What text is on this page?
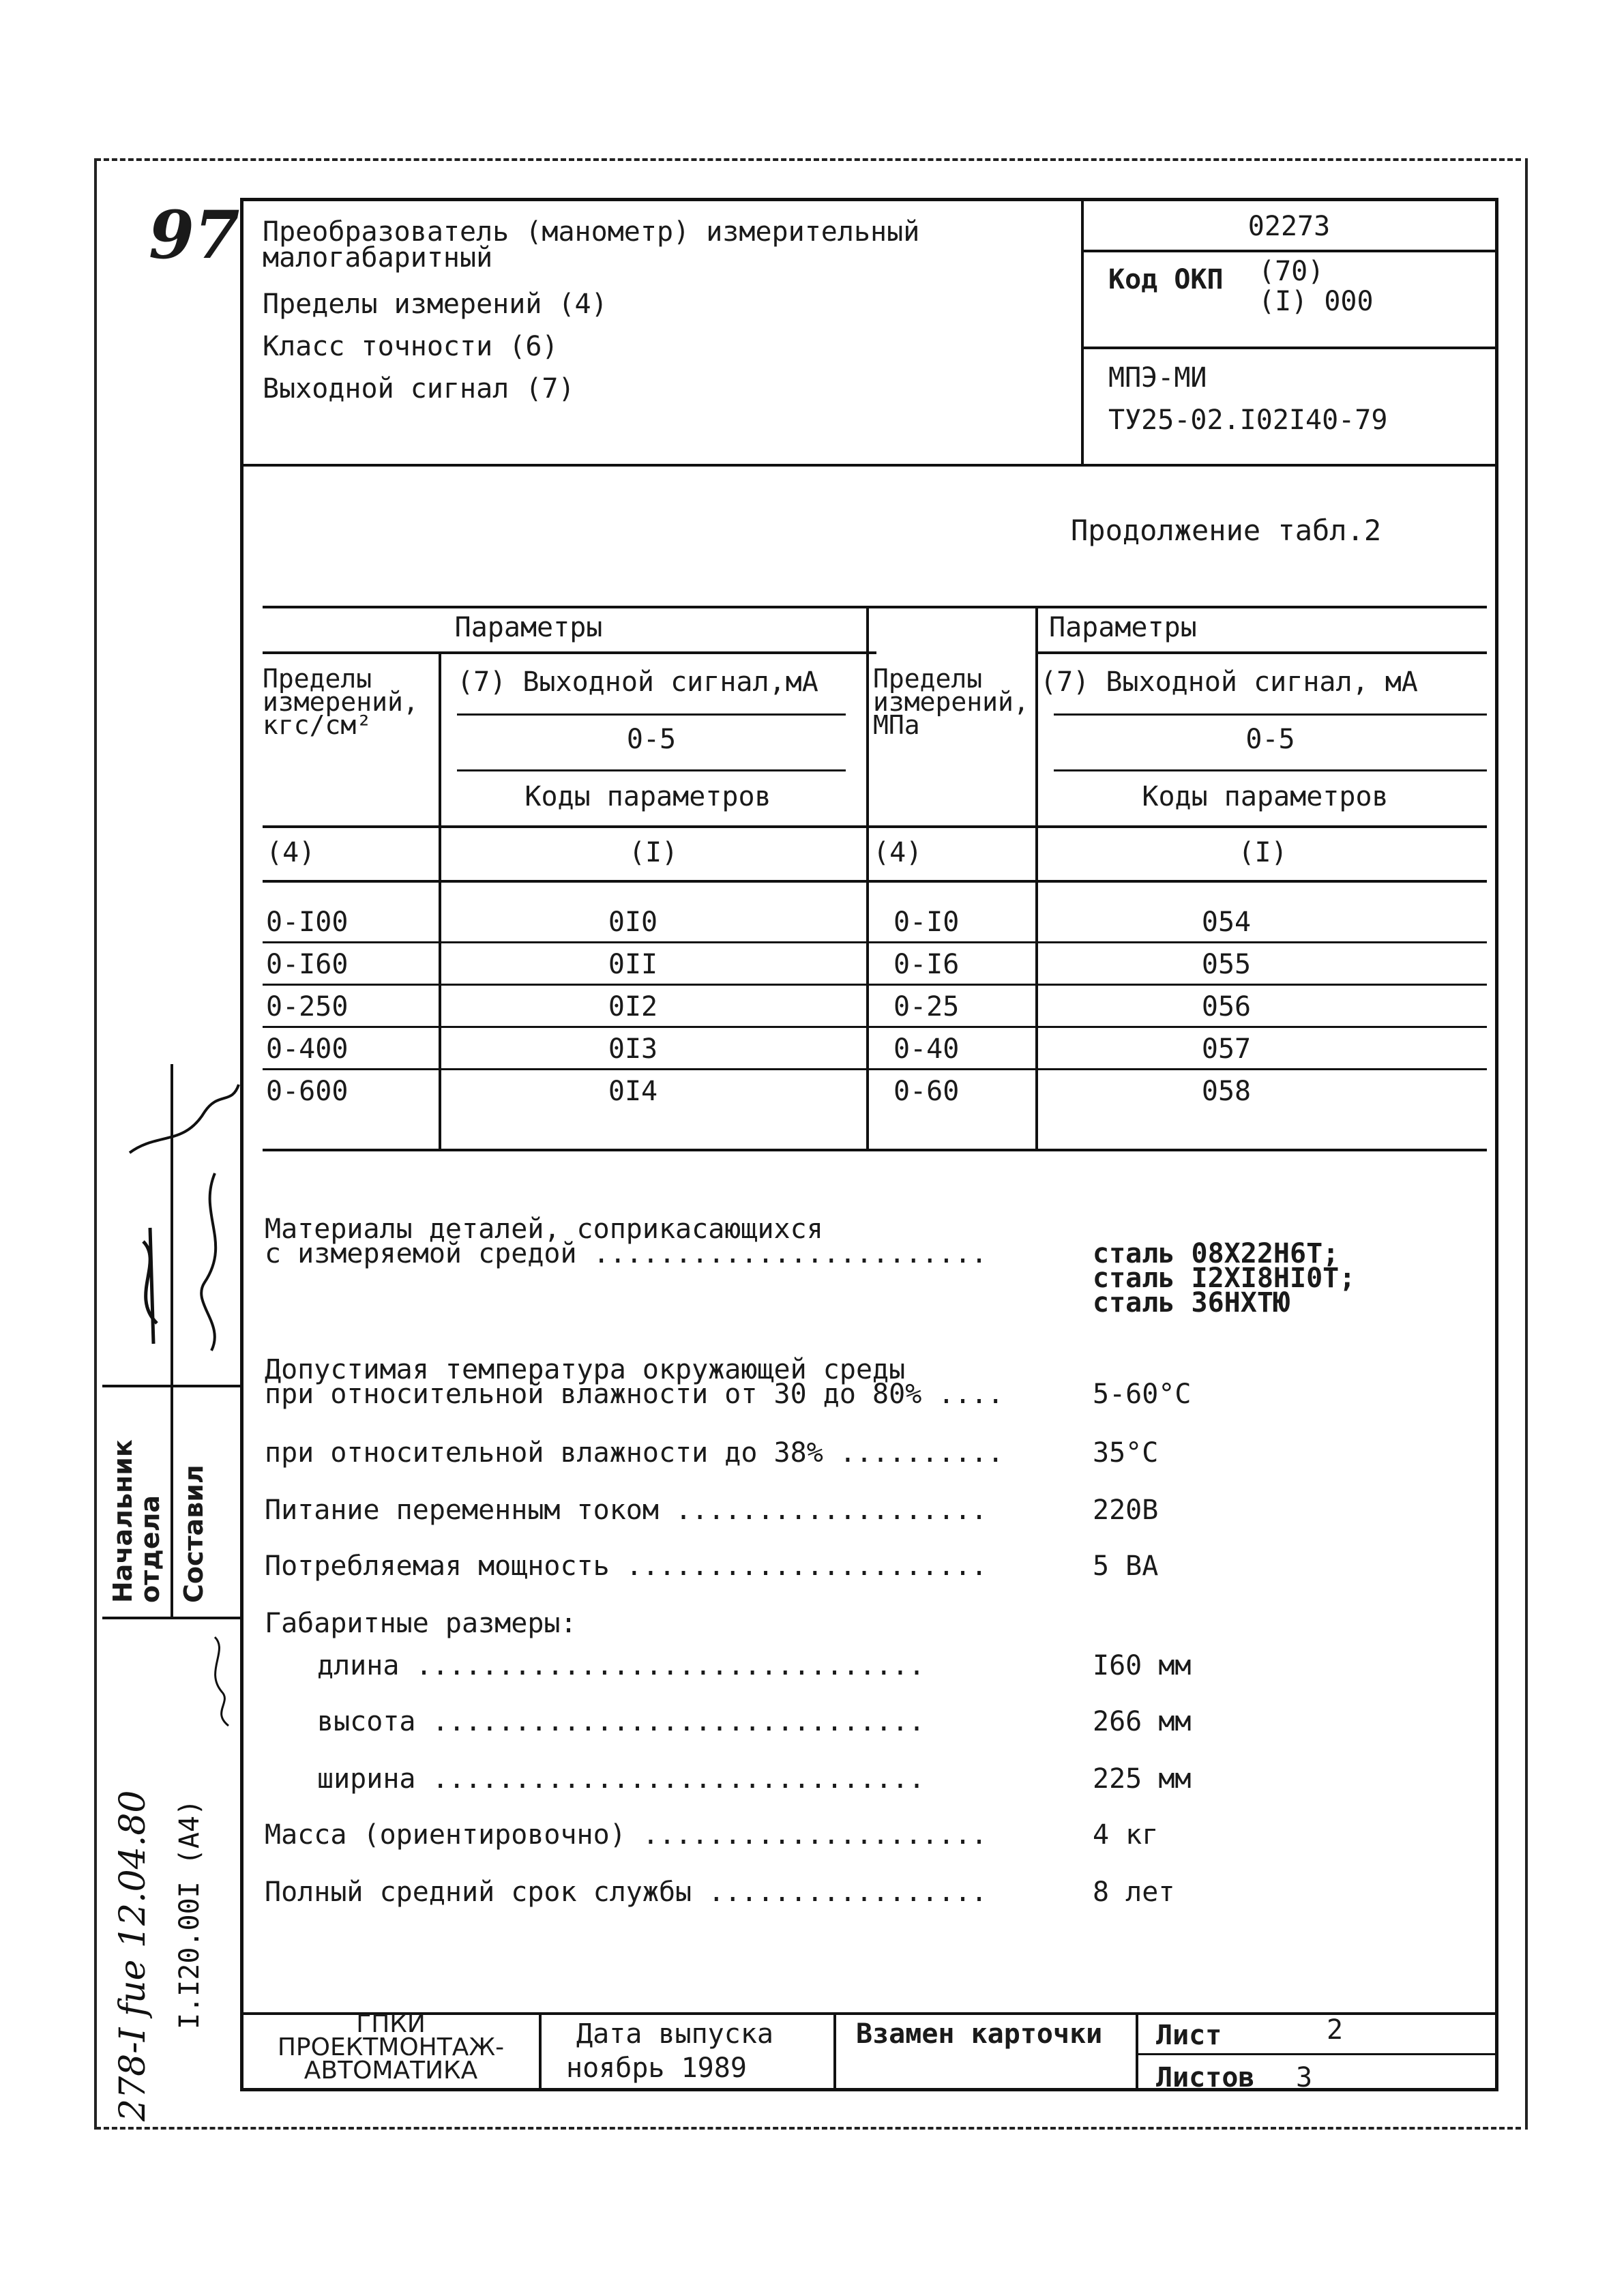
97 Преобразователь (манометр) измерительный
малогабаритный
Пределы измерений (4)
Класс точности (6)
Выходной сигнал (7)
02273
Код ОКП (70)
(I) 000
МПЭ-МИ
ТУ25-02.I02I40-79
Продолжение табл.2
Параметры	Параметры
Пределы измерений, кгс/см²
(7) Выходной сигнал,мА
0-5
Коды параметров
Пределы измерений, МПа
(7) Выходной сигнал, мА
0-5
Коды параметров
(4)	(I)	(4)	(I)
0-I00	0I0	0-I0	054
0-I60	0II	0-I6	055
0-250	0I2	0-25	056
0-400	0I3	0-40	057
0-600	0I4	0-60	058
Материалы деталей, соприкасающихся
с измеряемой средой ........................	сталь 08Х22Н6Т;
сталь I2XI8HI0T;
сталь 36НХТЮ
Допустимая температура окружающей среды
при относительной влажности от 30 до 80% ....	5-60°С
при относительной влажности до 38% ..........	35°С
Питание переменным током ...................	220В
Потребляемая мощность ......................	5 ВА
Габаритные размеры:
длина ...............................	I60 мм
высота ..............................	266 мм
ширина ..............................	225 мм
Масса (ориентировочно) .....................	4 кг
Полный средний срок службы .................	8 лет
ГПКИ
ПРОЕКТМОНТАЖ-
АВТОМАТИКА
Дата выпуска
ноябрь 1989
Взамен карточки Лист	2
Листов 3
Начальник отдела Составил
I.I20.00I (A4)
278-I fuе 12.04.80
